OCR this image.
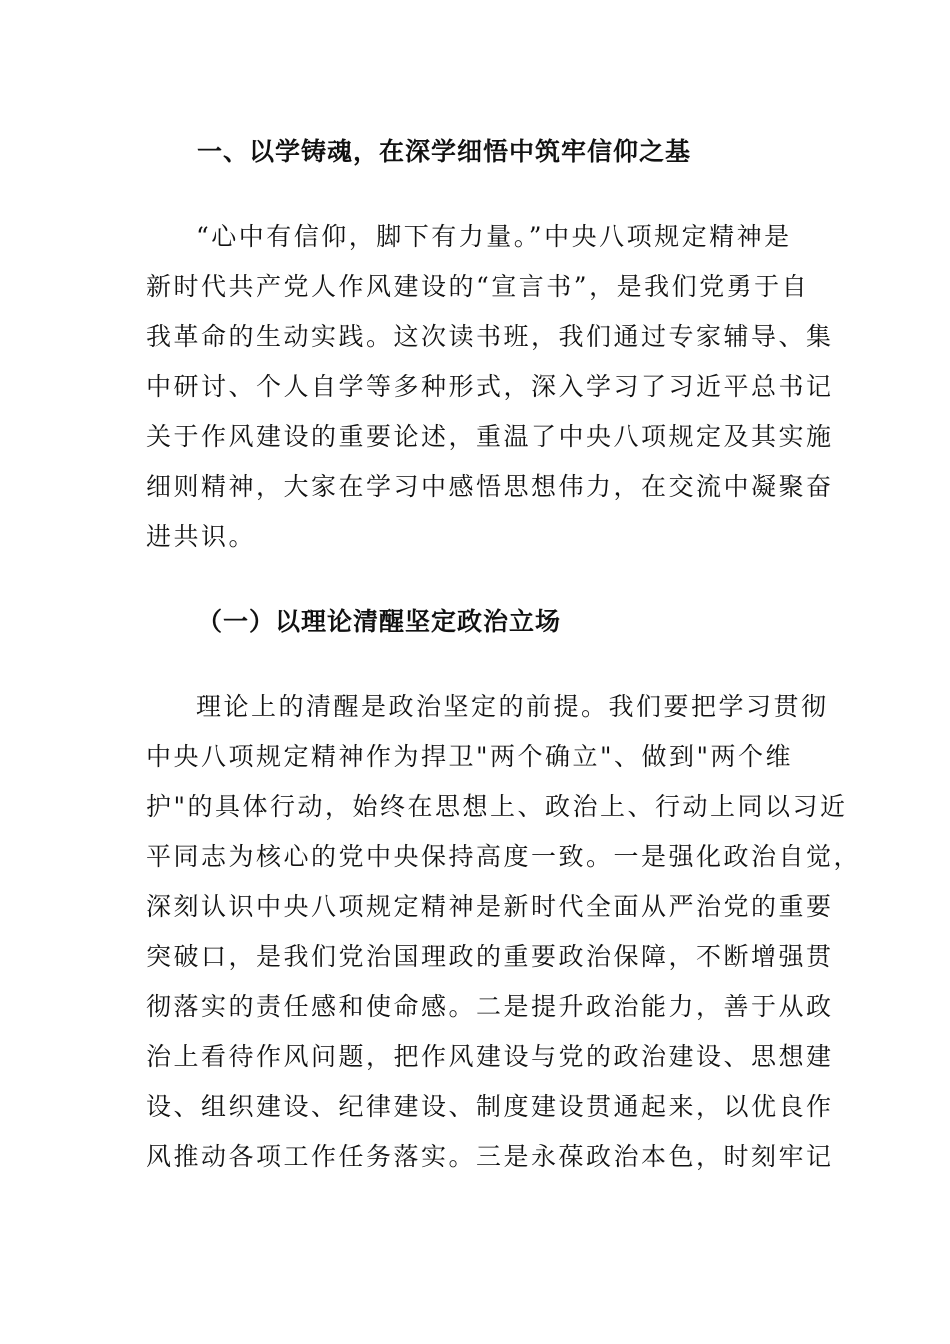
一、以学铸魂，在深学细悟中筑牢信仰之基
“心中有信仰，脚下有力量。”中央八项规定精神是
新时代共产党人作风建设的“宣言书”，是我们党勇于自
我革命的生动实践。这次读书班，我们通过专家辅导、集
中研讨、个人自学等多种形式，深入学习了习近平总书记
关于作风建设的重要论述，重温了中央八项规定及其实施
细则精神，大家在学习中感悟思想伟力，在交流中凝聚奋
进共识。
（一）以理论清醒坚定政治立场
理论上的清醒是政治坚定的前提。我们要把学习贯彻
中央八项规定精神作为捍卫"两个确立"、做到"两个维
护"的具体行动，始终在思想上、政治上、行动上同以习近
平同志为核心的党中央保持高度一致。一是强化政治自觉，
深刻认识中央八项规定精神是新时代全面从严治党的重要
突破口，是我们党治国理政的重要政治保障，不断增强贯
彻落实的责任感和使命感。二是提升政治能力，善于从政
治上看待作风问题，把作风建设与党的政治建设、思想建
设、组织建设、纪律建设、制度建设贯通起来，以优良作
风推动各项工作任务落实。三是永葆政治本色，时刻牢记
